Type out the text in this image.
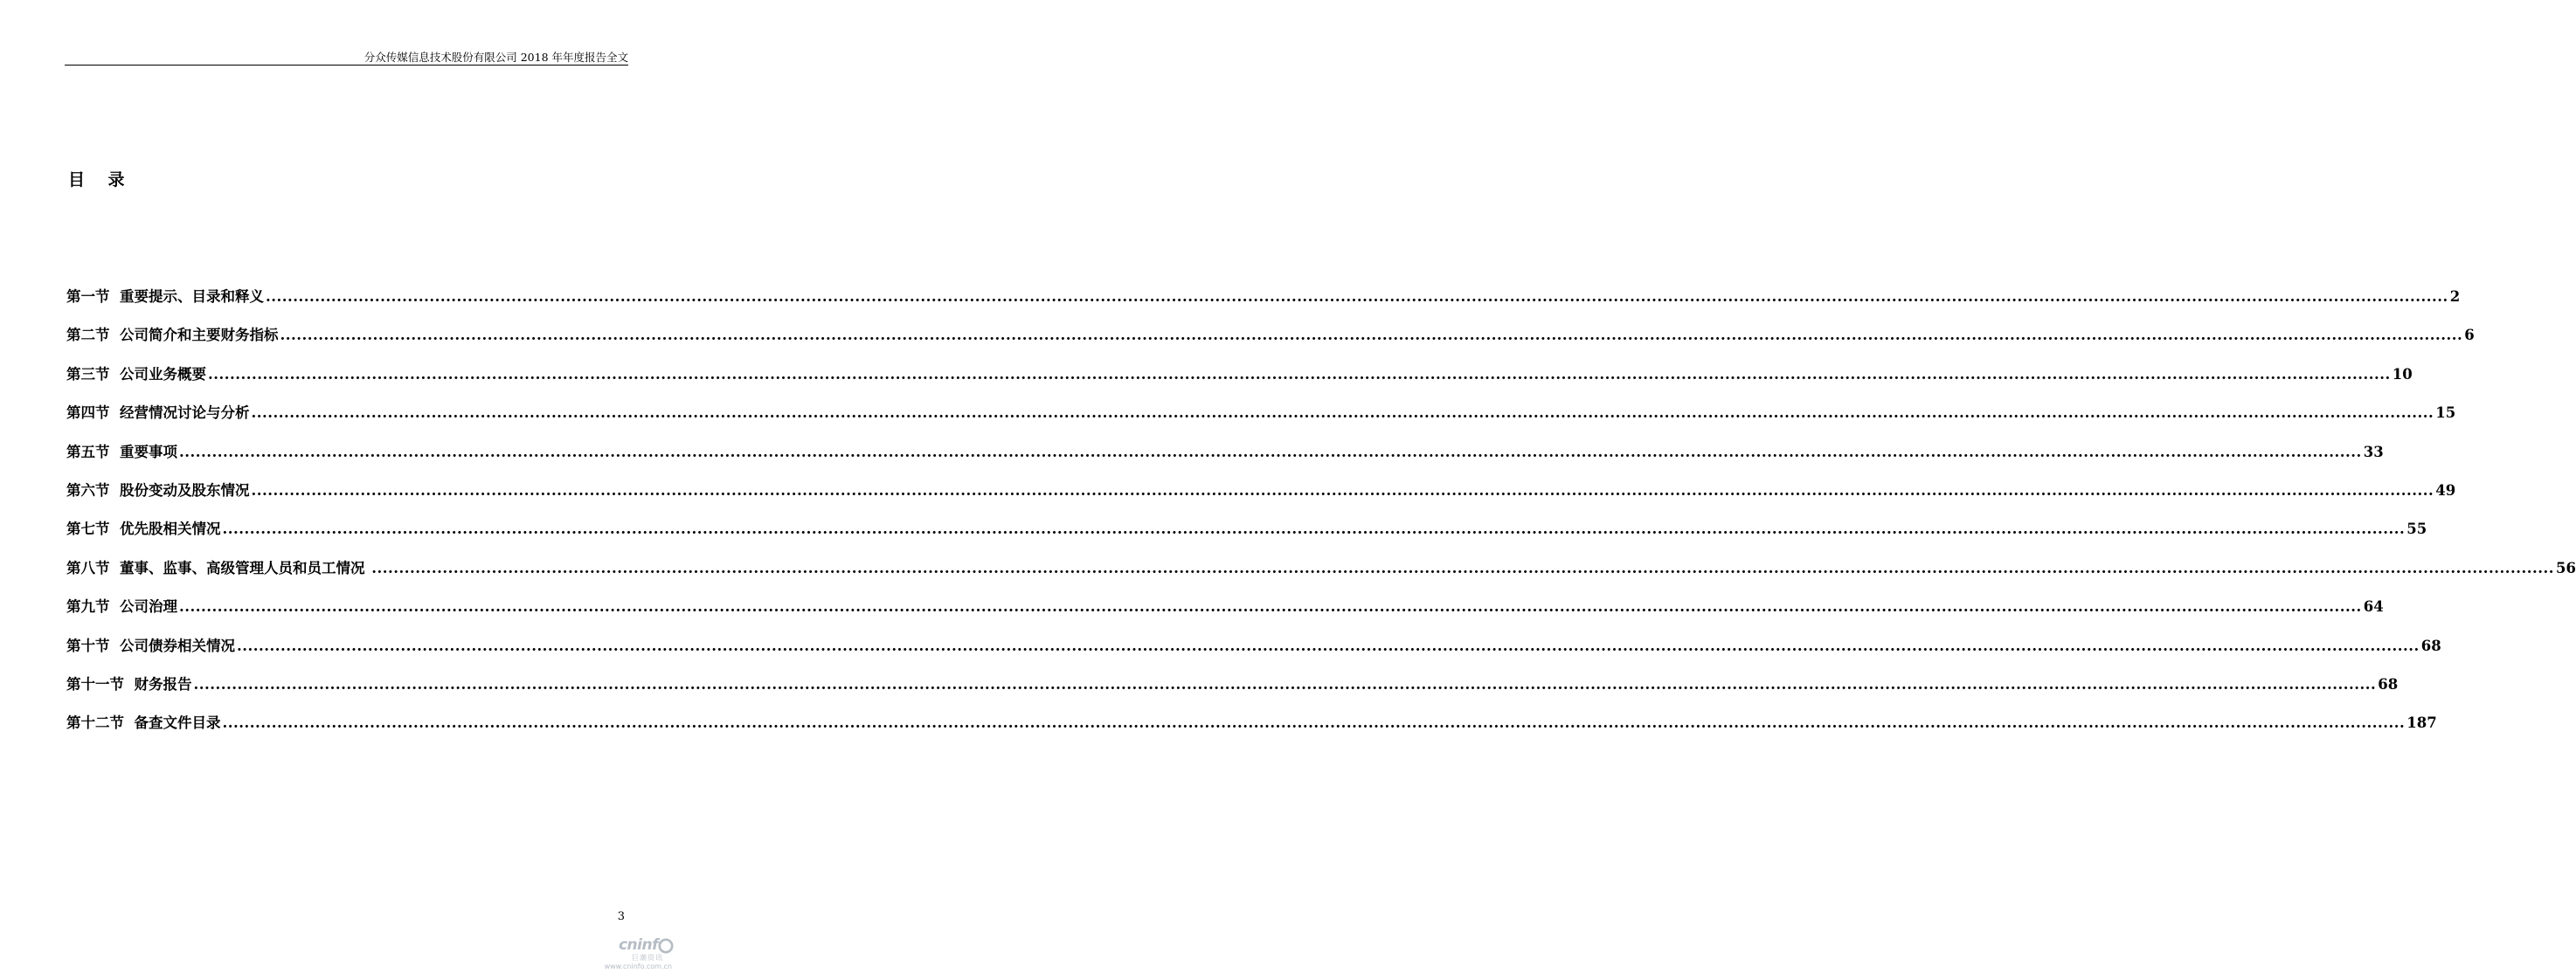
分众传媒信息技术股份有限公司 2018 年年度报告全文
目    录
第一节  重要提示、目录和释义 ................................................................................................................................................................................................................................................................................................................................................................................................................ 2
第二节  公司简介和主要财务指标 ................................................................................................................................................................................................................................................................................................................................................................................................................ 6
第三节  公司业务概要 ................................................................................................................................................................................................................................................................................................................................................................................................................ 10
第四节  经营情况讨论与分析 ................................................................................................................................................................................................................................................................................................................................................................................................................ 15
第五节  重要事项 ................................................................................................................................................................................................................................................................................................................................................................................................................ 33
第六节  股份变动及股东情况 ................................................................................................................................................................................................................................................................................................................................................................................................................ 49
第七节  优先股相关情况 ................................................................................................................................................................................................................................................................................................................................................................................................................ 55
第八节  董事、监事、高级管理人员和员工情况 ................................................................................................................................................................................................................................................................................................................................................................................................................ 56
第九节  公司治理 ................................................................................................................................................................................................................................................................................................................................................................................................................ 64
第十节  公司债券相关情况 ................................................................................................................................................................................................................................................................................................................................................................................................................ 68
第十一节  财务报告 ................................................................................................................................................................................................................................................................................................................................................................................................................ 68
第十二节  备查文件目录 ................................................................................................................................................................................................................................................................................................................................................................................................................ 187
3
cninf
巨潮资讯
www.cninfo.com.cn
